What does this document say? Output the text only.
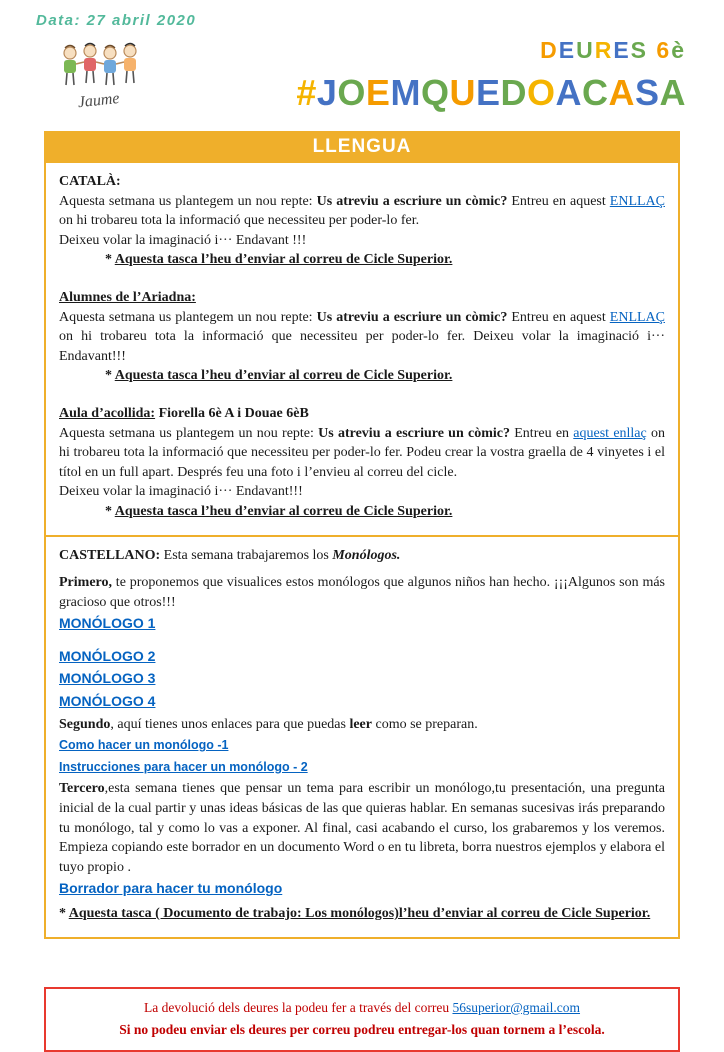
Data: 27 abril 2020
Jaume
DEURES 6è
#JOEMQUEDOACASA
LLENGUA

CATALÀ:

Aquesta setmana us plantegem un nou repte: Us atreviu a escriure un còmic? Entreu en aquest ENLLAÇ on hi trobareu tota la informació que necessiteu per poder-lo fer.

Deixeu volar la imaginació i··· Endavant !!!

* Aquesta tasca l’heu d’enviar al correu de Cicle Superior.

Alumnes de l’Ariadna:

Aquesta setmana us plantegem un nou repte: Us atreviu a escriure un còmic? Entreu en aquest ENLLAÇ on hi trobareu tota la informació que necessiteu per poder-lo fer. Deixeu volar la imaginació i··· Endavant!!!

* Aquesta tasca l’heu d’enviar al correu de Cicle Superior.

Aula d’acollida: Fiorella 6è A i Douae 6èB

Aquesta setmana us plantegem un nou repte: Us atreviu a escriure un còmic? Entreu en aquest enllaç on hi trobareu tota la informació que necessiteu per poder-lo fer. Podeu crear la vostra graella de 4 vinyetes i el títol en un full apart. Després feu una foto i l’envieu al correu del cicle.

Deixeu volar la imaginació i··· Endavant!!!

* Aquesta tasca l’heu d’enviar al correu de Cicle Superior.

CASTELLANO: Esta semana trabajaremos los Monólogos.

Primero, te proponemos que visualices estos monólogos que algunos niños han hecho. ¡¡¡Algunos son más gracioso que otros!!!

MONÓLOGO 1
MONÓLOGO 2
MONÓLOGO 3
MONÓLOGO 4

Segundo, aquí tienes unos enlaces para que puedas leer como se preparan.

Como hacer un monólogo -1
Instrucciones para hacer un monólogo - 2

Tercero,esta semana tienes que pensar un tema para escribir un monólogo,tu presentación, una pregunta inicial de la cual partir y unas ideas básicas de las que quieras hablar. En semanas sucesivas irás preparando tu monólogo, tal y como lo vas a exponer. Al final, casi acabando el curso, los grabaremos y los veremos. Empieza copiando este borrador en un documento Word o en tu libreta, borra nuestros ejemplos y elabora el tuyo propio .

Borrador para hacer tu monólogo

* Aquesta tasca ( Documento de trabajo: Los monólogos)l’heu d’enviar al correu de Cicle Superior.

La devolució dels deures la podeu fer a través del correu 56superior@gmail.com

Si no podeu enviar els deures per correu podreu entregar-los quan tornem a l’escola.
